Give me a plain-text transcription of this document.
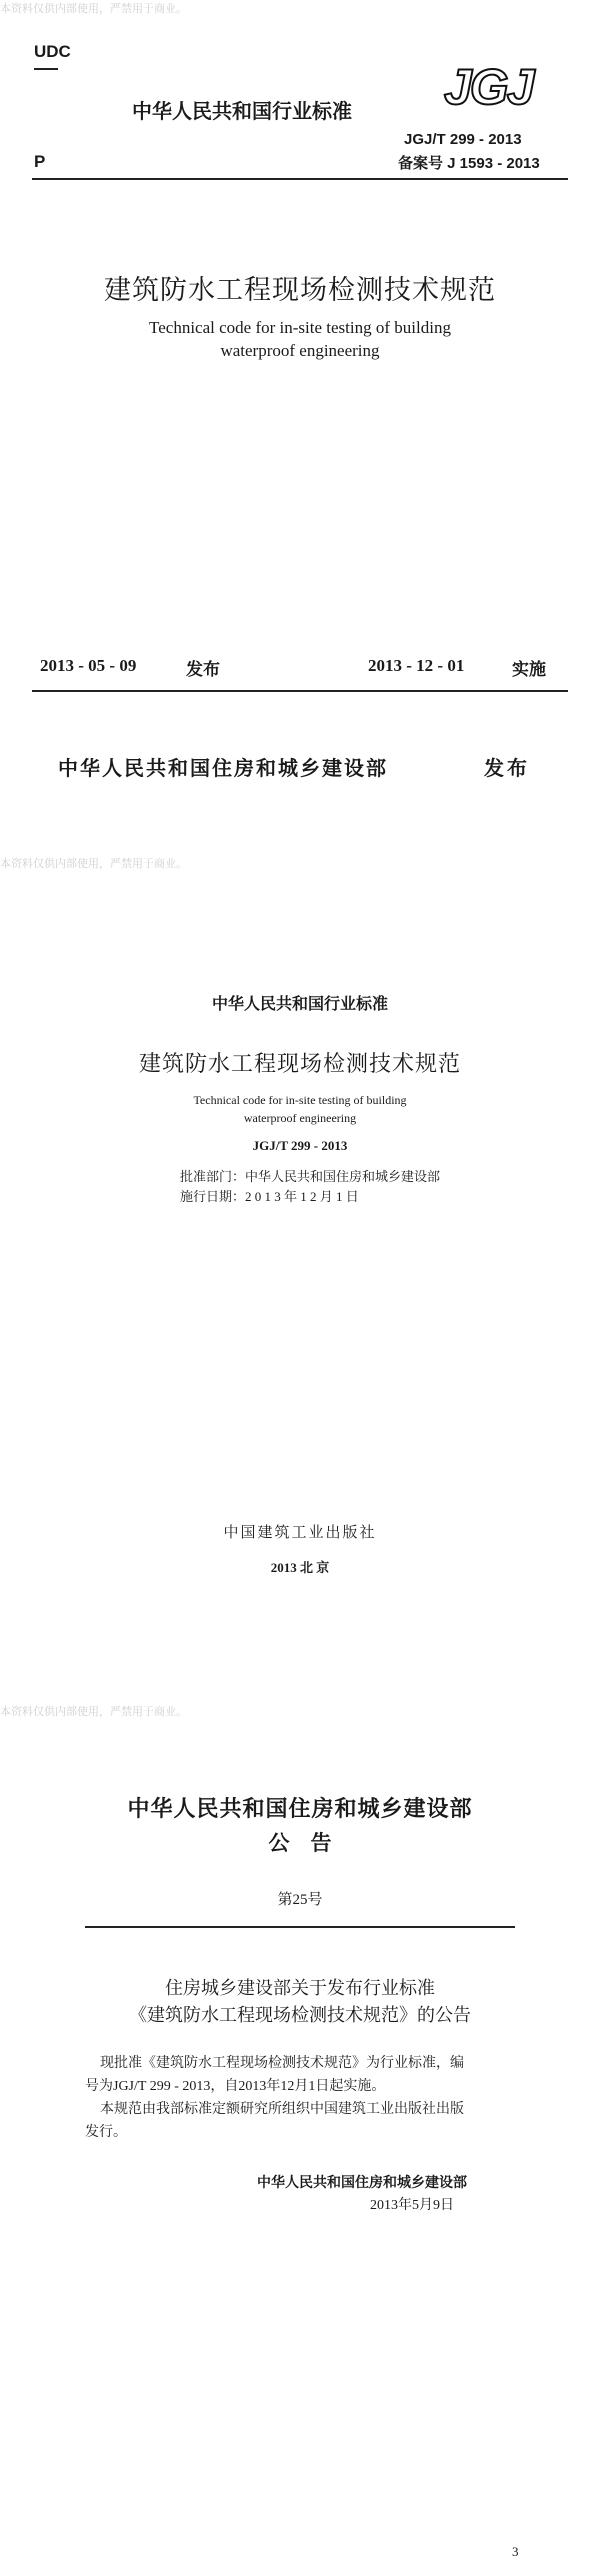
本资料仅供内部使用，严禁用于商业。
UDC
P
中华人民共和国行业标准 JGJ
JGJ/T 299 - 2013
备案号 J 1593 - 2013
建筑防水工程现场检测技术规范
Technical code for in-site testing of building
waterproof engineering
2013 - 05 - 09	发布	2013 - 12 - 01	实施
中华人民共和国住房和城乡建设部	发布
本资料仅供内部使用，严禁用于商业。
中华人民共和国行业标准
建筑防水工程现场检测技术规范
Technical code for in-site testing of building
waterproof engineering
JGJ/T 299 - 2013
批准部门：中华人民共和国住房和城乡建设部
施行日期：2 0 1 3 年 1 2 月 1 日
中国建筑工业出版社
2013 北 京
本资料仅供内部使用，严禁用于商业。
中华人民共和国住房和城乡建设部
公    告
第25号
住房城乡建设部关于发布行业标准
《建筑防水工程现场检测技术规范》的公告
现批准《建筑防水工程现场检测技术规范》为行业标准，编
号为JGJ/T 299 - 2013，自2013年12月1日起实施。
本规范由我部标准定额研究所组织中国建筑工业出版社出版
发行。
中华人民共和国住房和城乡建设部
2013年5月9日
3
